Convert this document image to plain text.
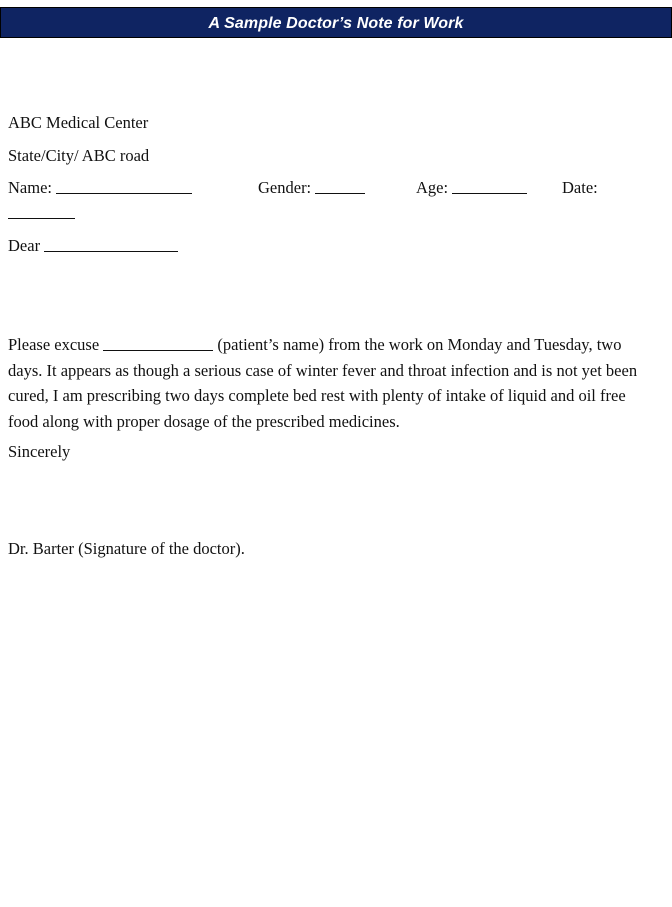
A Sample Doctor’s Note for Work
ABC Medical Center
State/City/ ABC road
Name:	Gender:	Age:	Date:
Dear
Please excuse	(patient’s name) from the work on Monday and Tuesday, two days. It appears as though a serious case of winter fever and throat infection and is not yet been cured, I am prescribing two days complete bed rest with plenty of intake of liquid and oil free food along with proper dosage of the prescribed medicines.
Sincerely
Dr. Barter (Signature of the doctor).
